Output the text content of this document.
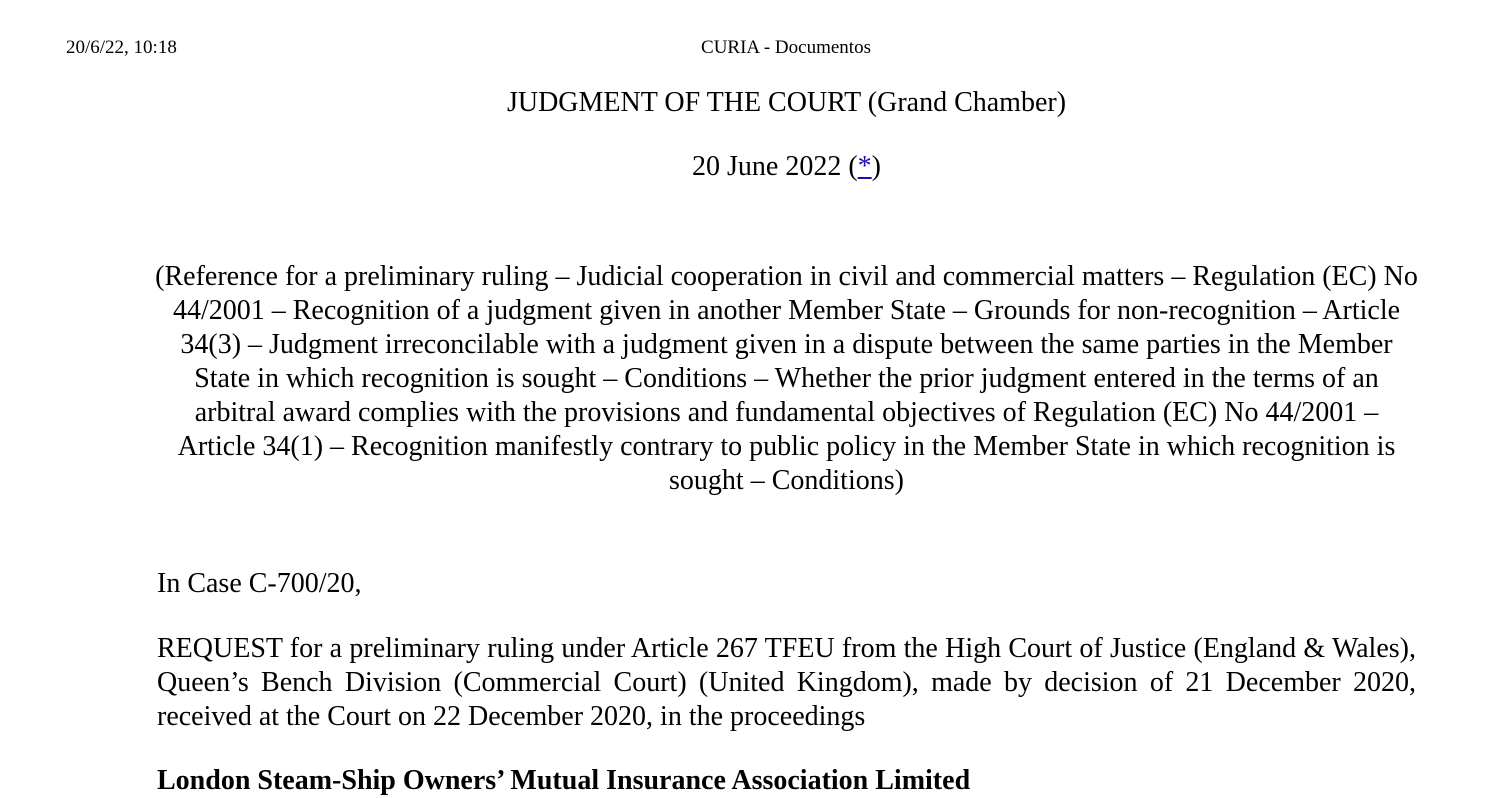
20/6/22, 10:18	CURIA - Documentos
JUDGMENT OF THE COURT (Grand Chamber)
20 June 2022 (*)

(Reference for a preliminary ruling – Judicial cooperation in civil and commercial matters – Regulation (EC) No 44/2001 – Recognition of a judgment given in another Member State – Grounds for non-recognition – Article 34(3) – Judgment irreconcilable with a judgment given in a dispute between the same parties in the Member State in which recognition is sought – Conditions – Whether the prior judgment entered in the terms of an arbitral award complies with the provisions and fundamental objectives of Regulation (EC) No 44/2001 – Article 34(1) – Recognition manifestly contrary to public policy in the Member State in which recognition is sought – Conditions)

In Case C‑700/20,

REQUEST for a preliminary ruling under Article 267 TFEU from the High Court of Justice (England & Wales), Queen’s Bench Division (Commercial Court) (United Kingdom), made by decision of 21 December 2020, received at the Court on 22 December 2020, in the proceedings

London Steam-Ship Owners’ Mutual Insurance Association Limited
